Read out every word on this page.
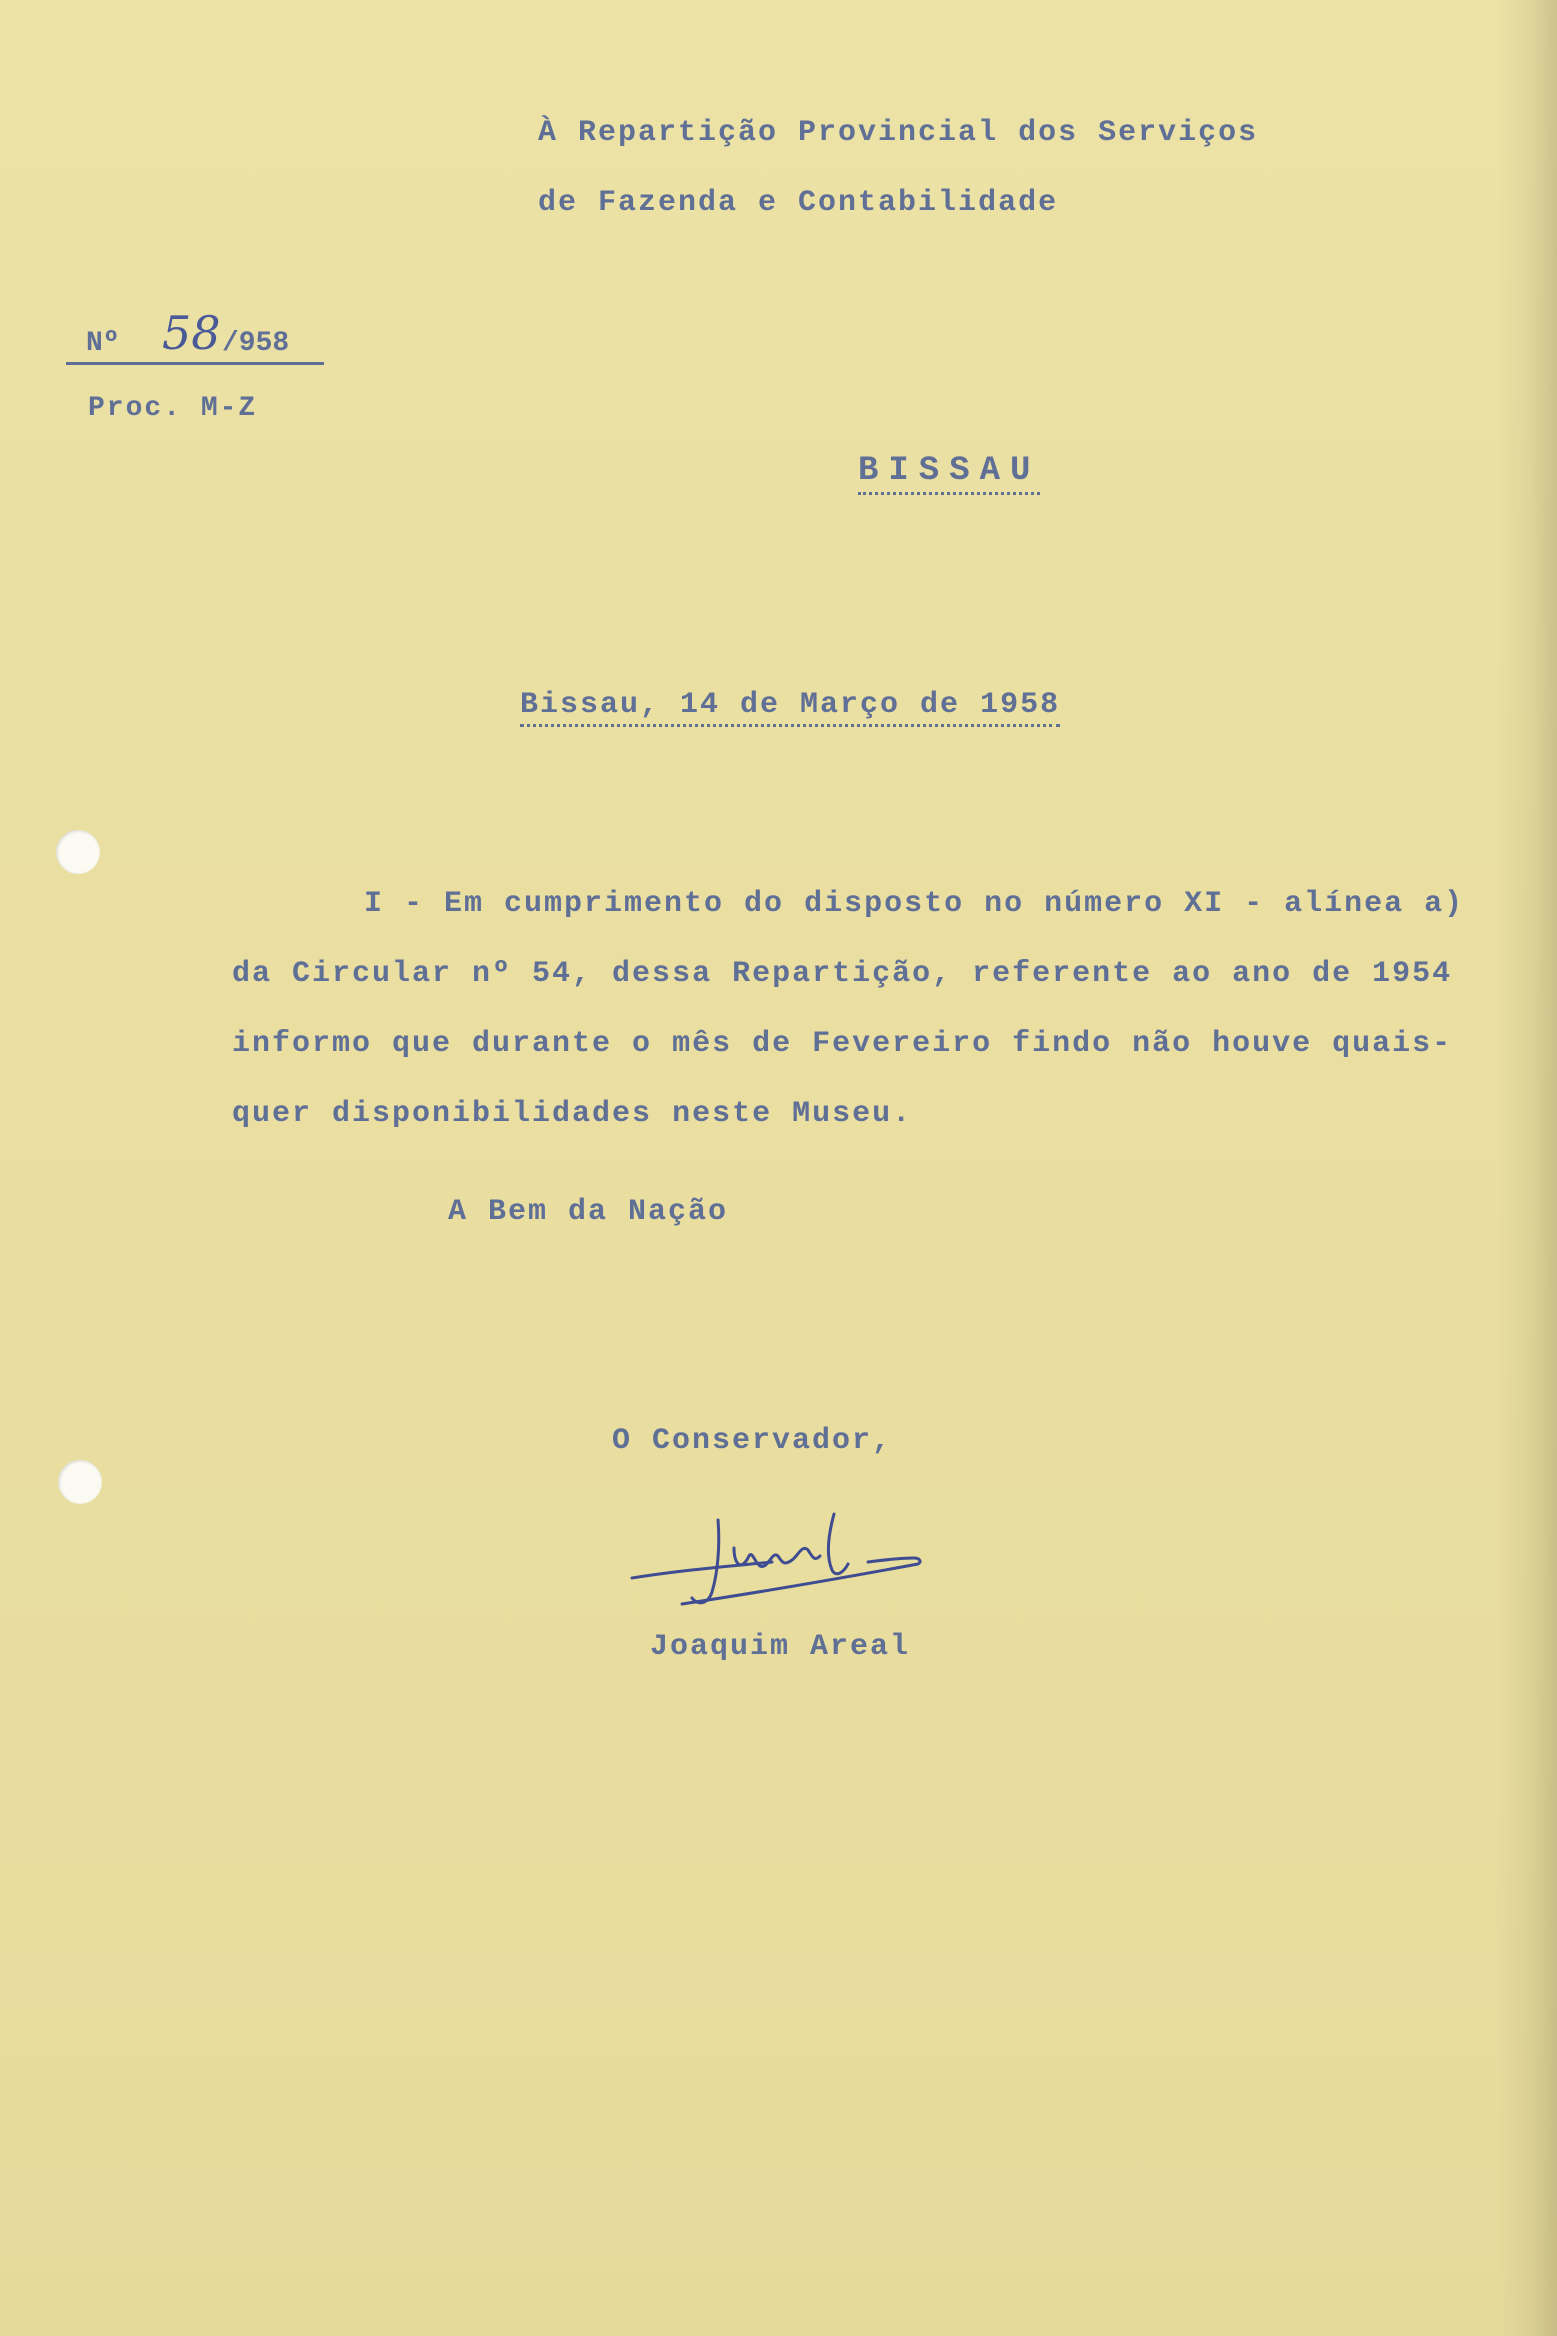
À Repartição Provincial dos Serviços
de Fazenda e Contabilidade
Nº 58 /958
Proc. M-Z
BISSAU
Bissau, 14 de Março de 1958
I - Em cumprimento do disposto no número XI - alínea a)
da Circular nº 54, dessa Repartição, referente ao ano de 1954
informo que durante o mês de Fevereiro findo não houve quais-
quer disponibilidades neste Museu.
A Bem da Nação
O Conservador,
Joaquim Areal
